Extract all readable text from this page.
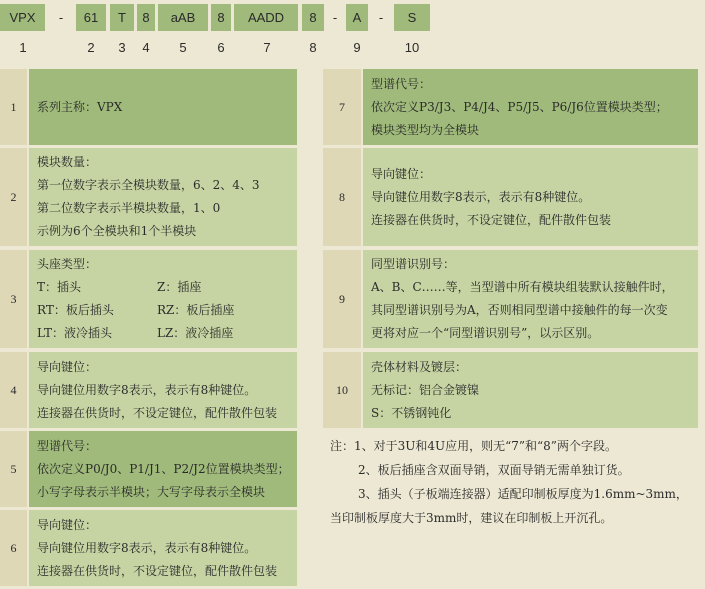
VPX	-	61	T	8	aAB	8	AADD	8	-	A	-	S
1	2	3	4	5	6	7	8	9	10
1	系列主称：VPX
2
模块数量：
第一位数字表示全模块数量，6、2、4、3
第二位数字表示半模块数量，1、0
示例为6个全模块和1个半模块
3
头座类型：
T：插头	Z：插座
RT：板后插头	RZ：板后插座
LT：液冷插头	LZ：液冷插座
4
导向键位：
导向键位用数字8表示，表示有8种键位。
连接器在供货时，不设定键位，配件散件包装
5
型谱代号：
依次定义P0/J0、P1/J1、P2/J2位置模块类型；
小写字母表示半模块；大写字母表示全模块
6
导向键位：
导向键位用数字8表示，表示有8种键位。
连接器在供货时，不设定键位，配件散件包装
7
型谱代号：
依次定义P3/J3、P4/J4、P5/J5、P6/J6位置模块类型；
模块类型均为全模块
8
导向键位：
导向键位用数字8表示，表示有8种键位。
连接器在供货时，不设定键位，配件散件包装
9
同型谱识别号：
A、B、C……等，当型谱中所有模块组装默认接触件时，
其同型谱识别号为A，否则相同型谱中接触件的每一次变
更将对应一个“同型谱识别号”，以示区别。
10
壳体材料及镀层：
无标记：铝合金镀镍
S：不锈钢钝化
注：1、对于3U和4U应用，则无“7”和“8”两个字段。
2、板后插座含双面导销，双面导销无需单独订货。
3、插头（子板端连接器）适配印制板厚度为1.6mm~3mm，
当印制板厚度大于3mm时，建议在印制板上开沉孔。
